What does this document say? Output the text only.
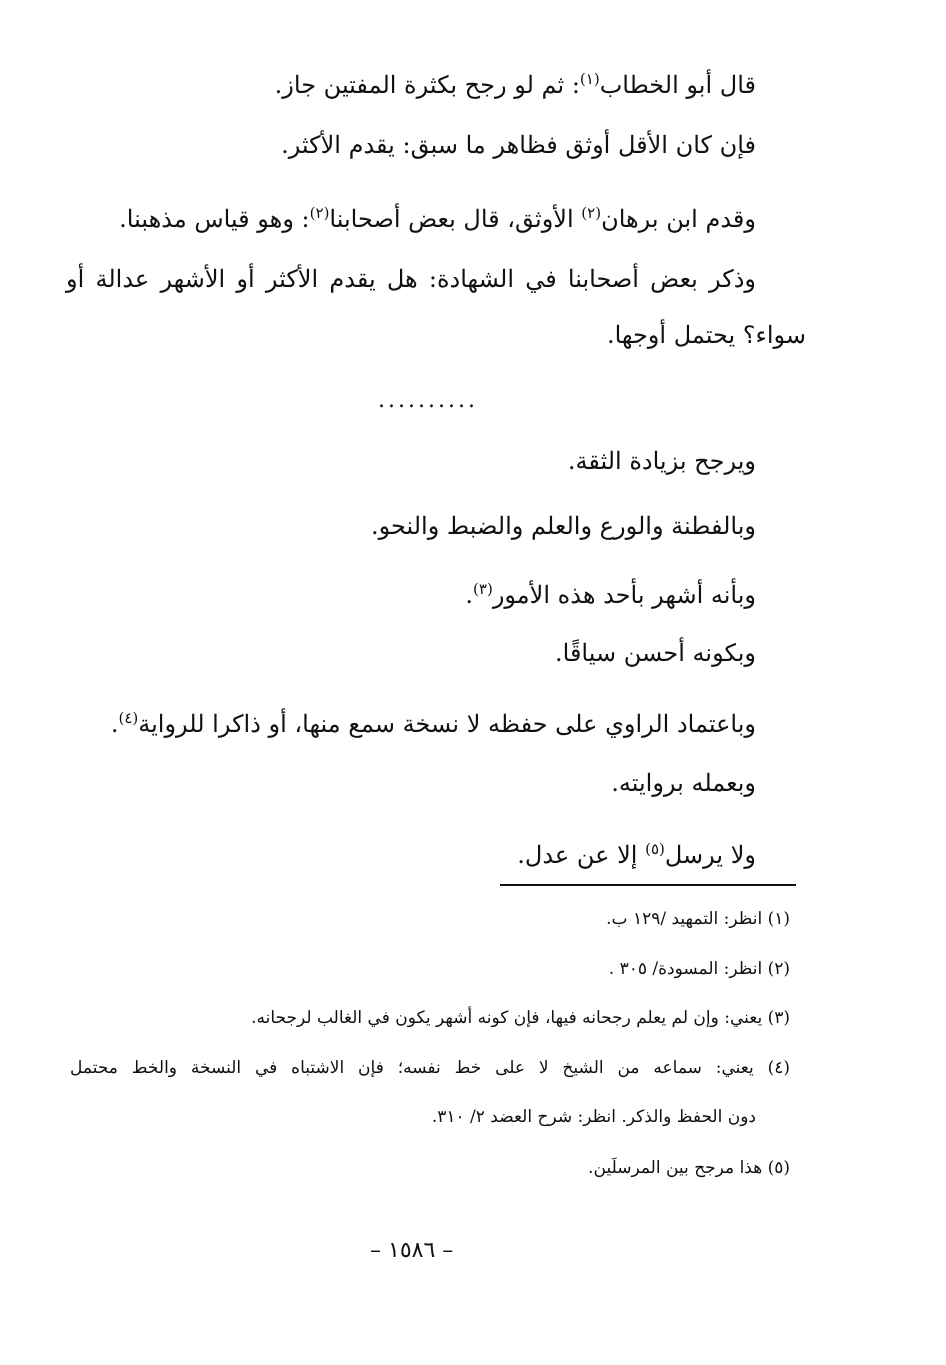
قال أبو الخطاب$^{(١)}$: ثم لو رجح بكثرة المفتين جاز.
فإن كان الأقل أوثق فظاهر ما سبق: يقدم الأكثر.
وقدم ابن برهان$^{(٢)}$ الأوثق، قال بعض أصحابنا$^{(٢)}$: وهو قياس مذهبنا.
وذكر بعض أصحابنا في الشهادة: هل يقدم الأكثر أو الأشهر عدالة أو
سواء؟ يحتمل أوجها.
..........
ويرجح بزيادة الثقة.
وبالفطنة والورع والعلم والضبط والنحو.
وبأنه أشهر بأحد هذه الأمور$^{(٣)}$.
وبكونه أحسن سياقًا.
وباعتماد الراوي على حفظه لا نسخة سمع منها، أو ذاكرا للرواية$^{(٤)}$.
وبعمله بروايته.
ولا يرسل$^{(٥)}$ إلا عن عدل.
(١) انظر: التمهيد /١٢٩ ب.
(٢) انظر: المسودة/ ٣٠٥ .
(٣) يعني: وإن لم يعلم رجحانه فيها، فإن كونه أشهر يكون في الغالب لرجحانه.
(٤) يعني: سماعه من الشيخ لا على خط نفسه؛ فإن الاشتباه في النسخة والخط محتمل
دون الحفظ والذكر. انظر: شرح العضد ٢/ ٣١٠.
(٥) هذا مرجح بين المرسلَين.
– ١٥٨٦ –
